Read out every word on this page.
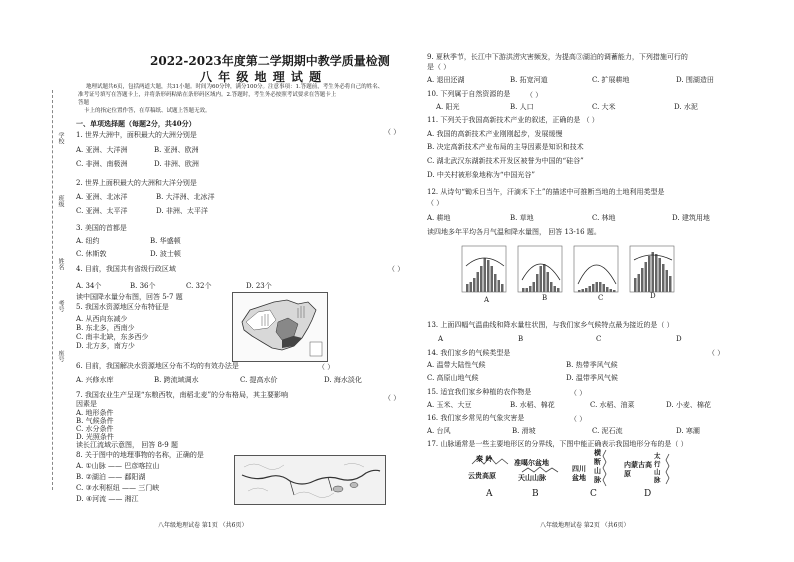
学校
班级
姓名
考号
座号
2022-2023年度第二学期期中教学质量检测
八 年 级 地 理 试 题
地理试题共6页，包括两道大题，共31小题。时间为60分钟，满分100分。注意事项：1.答题前，考生务必将自己的姓名、
准考证号填写在答题卡上，并将条形码粘贴在条形码区域内。2.答题时，考生务必按照考试要求在答题卡上
答题
卡上的指定位置作答，在草稿纸、试题上答题无效。
一、单项选择题（每题2分，共40分）
1. 世界大洲中，面积最大的大洲分别是	（ ）
A. 亚洲、大洋洲	B. 亚洲、欧洲
C. 非洲、南极洲	D. 非洲、欧洲
2. 世界上面积最大的大洲和大洋分别是
A. 亚洲、北冰洋	B. 大洋洲、北冰洋
C. 亚洲、太平洋	D. 非洲、太平洋
3. 美国的首都是
A. 纽约	B. 华盛顿
C. 休斯敦	D. 波士顿
4. 目前，我国共有省级行政区域	（ ）
A. 34个	B. 36个	C. 32个	D. 23个
读中国降水量分布图，回答 5-7 题
5. 我国水资源地区分布特征是
A. 从西向东减少
B. 东北多，西南少
C. 南丰北缺，东多西少
D. 北方多，南方少
6. 目前，我国解决水资源地区分布不均的有效办法是	（ ）
A. 兴修水库	B. 跨流域调水	C. 提高水价	D. 海水淡化
7. 我国农业生产呈现“东粮西牧，南稻北麦”的分布格局，其主要影响
因素是
（ ）
A. 地形条件
B. 气候条件
C. 水分条件
D. 光照条件
读长江流域示意图， 回答 8-9 题
8. 关于图中的地理事物的名称，正确的是
A. ①山脉 —— 巴彦喀拉山
B. ②湖泊 —— 鄱阳湖
C. ③水利枢纽 —— 三门峡
D. ④河流 —— 湘江
八年级地理试卷 第1页 （共6页）
9. 夏秋季节，长江中下游洪涝灾害频发，为提高③湖泊的调蓄能力，下列措施可行的
是（ ）
A. 退田还湖	B. 拓宽河道	C. 扩展耕地	D. 围湖造田
10. 下列属于自然资源的是 （ ）
A. 阳光	B. 人口	C. 大米	D. 水泥
11. 下列关于我国高新技术产业的叙述，正确的是 （ ）
A. 我国的高新技术产业刚刚起步，发展缓慢
B. 决定高新技术产业布局的主导因素是知识和技术
C. 湖北武汉东湖新技术开发区被誉为中国的“硅谷”
D. 中关村被形象地称为“中国光谷”
12. 从诗句“锄禾日当午，汗滴禾下土”的描述中可推断当地的土地利用类型是
（ ）
A. 耕地	B. 草地	C. 林地	D. 建筑用地
读四地多年平均各月气温和降水量图， 回答 13-16 题。
A	B	C	D
13. 上面四幅气温曲线和降水量柱状图，与我们家乡气候特点最为接近的是（ ）
A	B	C	D
14. 我们家乡的气候类型是	（ ）
A. 温带大陆性气候	B. 热带季风气候
C. 高原山地气候	D. 温带季风气候
15. 适宜我们家乡种植的农作物是	（ ）
A. 玉米、大豆	B. 水稻、棉花	C. 水稻、油菜	D. 小麦、棉花
16. 我们家乡常见的气象灾害是	（ ）
A. 台风	B. 滑坡	C. 泥石流	D. 寒潮
17. 山脉通常是一些主要地形区的分界线，下图中能正确表示我国地形分布的是（ ）
秦 岭
云贵高原
A
准噶尔盆地
天山山脉
B
四川盆地
横断山脉
C
内蒙古高原
太行山脉
D
八年级地理试卷 第2页 （共6页）
